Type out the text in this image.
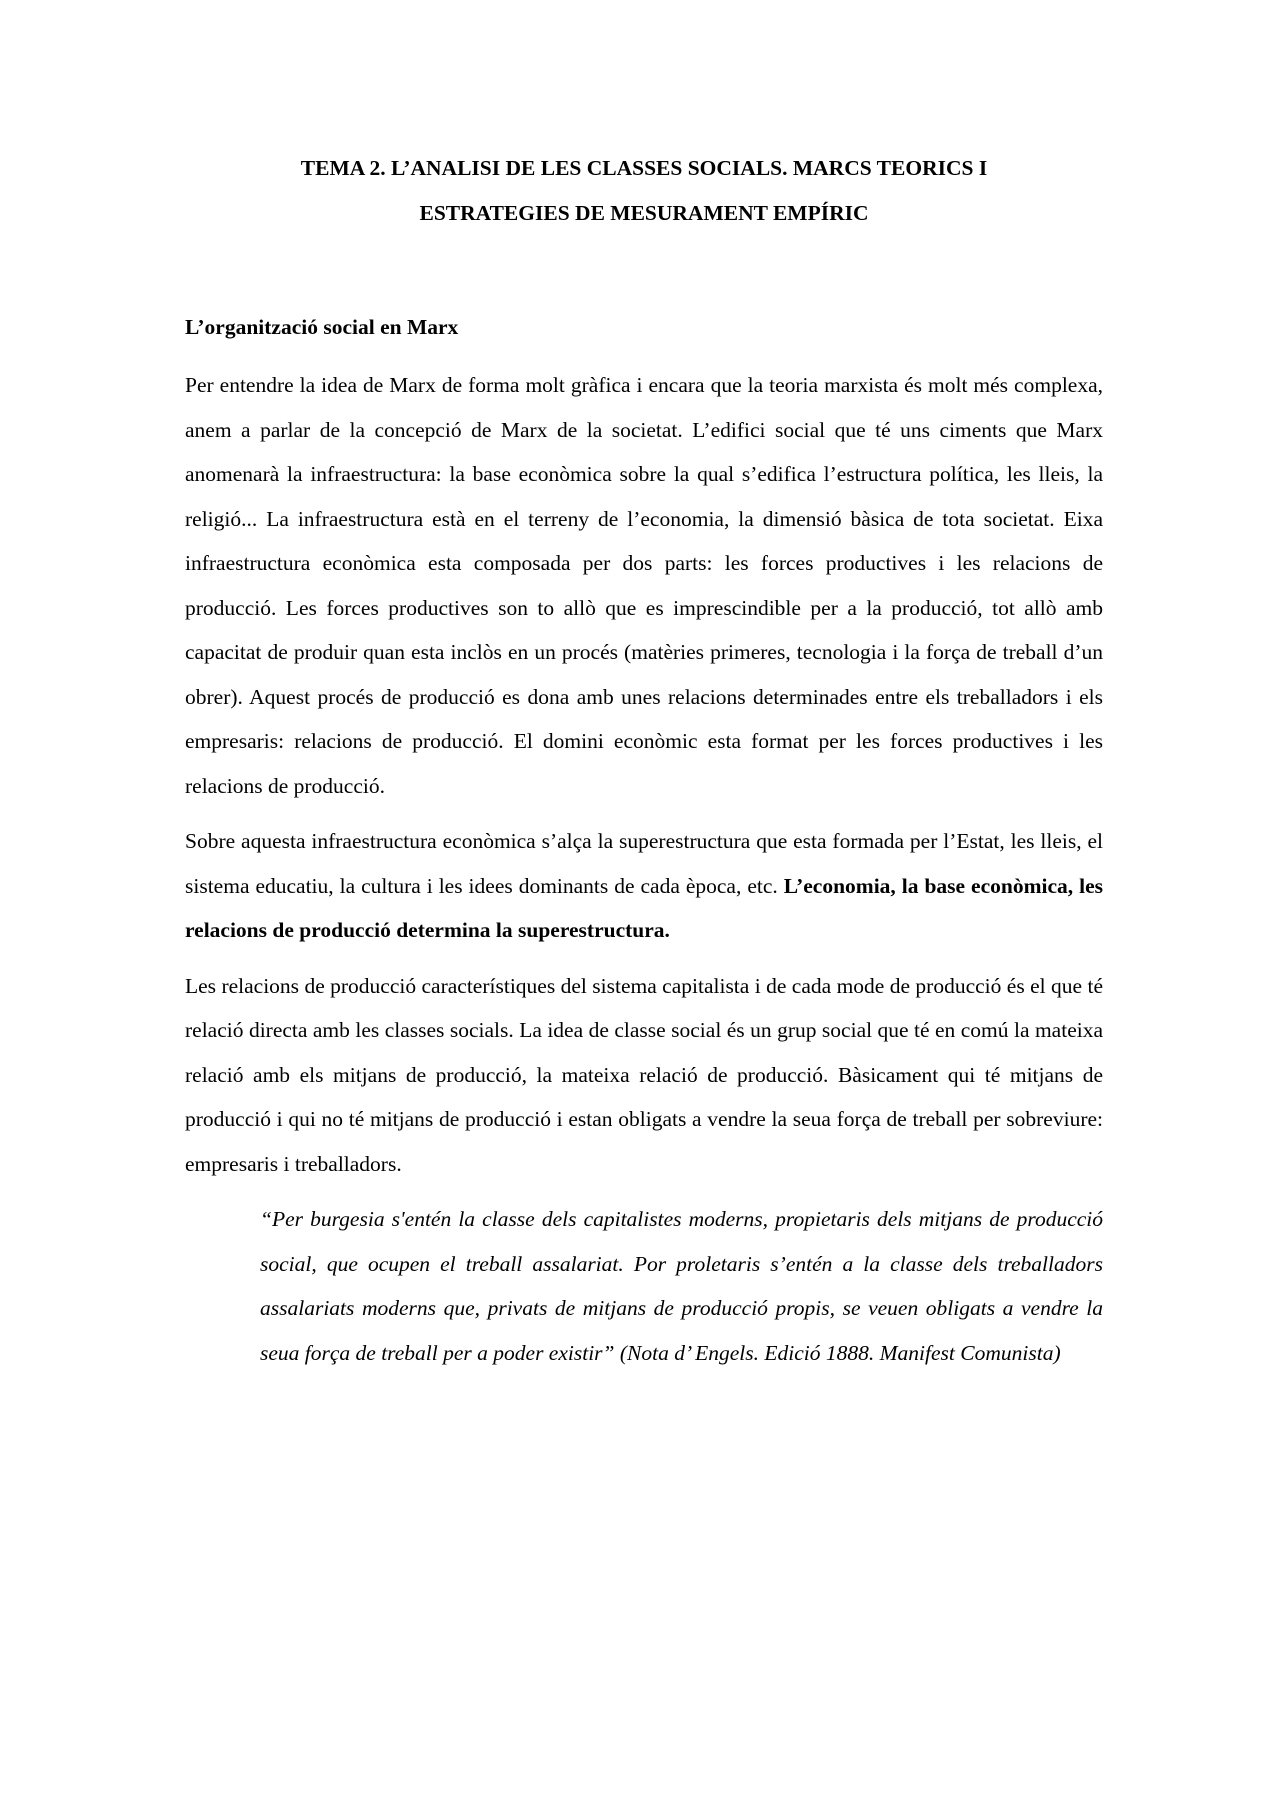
TEMA 2. L’ANALISI DE LES CLASSES SOCIALS. MARCS TEORICS I
ESTRATEGIES DE MESURAMENT EMPÍRIC
L’organització social en Marx

Per entendre la idea de Marx de forma molt gràfica i encara que la teoria marxista és molt més complexa, anem a parlar de la concepció de Marx de la societat. L’edifici social que té uns ciments que Marx anomenarà la infraestructura: la base econòmica sobre la qual s’edifica l’estructura política, les lleis, la religió... La infraestructura està en el terreny de l’economia, la dimensió bàsica de tota societat. Eixa infraestructura econòmica esta composada per dos parts: les forces productives i les relacions de producció. Les forces productives son to allò que es imprescindible per a la producció, tot allò amb capacitat de produir quan esta inclòs en un procés (matèries primeres, tecnologia i la força de treball d’un obrer). Aquest procés de producció es dona amb unes relacions determinades entre els treballadors i els empresaris: relacions de producció. El domini econòmic esta format per les forces productives i les relacions de producció.

Sobre aquesta infraestructura econòmica s’alça la superestructura que esta formada per l’Estat, les lleis, el sistema educatiu, la cultura i les idees dominants de cada època, etc. L’economia, la base econòmica, les relacions de producció determina la superestructura.

Les relacions de producció característiques del sistema capitalista i de cada mode de producció és el que té relació directa amb les classes socials. La idea de classe social és un grup social que té en comú la mateixa relació amb els mitjans de producció, la mateixa relació de producció. Bàsicament qui té mitjans de producció i qui no té mitjans de producció i estan obligats a vendre la seua força de treball per sobreviure: empresaris i treballadors.

“Per burgesia s'entén la classe dels capitalistes moderns, propietaris dels mitjans de producció social, que ocupen el treball assalariat. Por proletaris s’entén a la classe dels treballadors assalariats moderns que, privats de mitjans de producció propis, se veuen obligats a vendre la seua força de treball per a poder existir” (Nota d’ Engels. Edició 1888. Manifest Comunista)
